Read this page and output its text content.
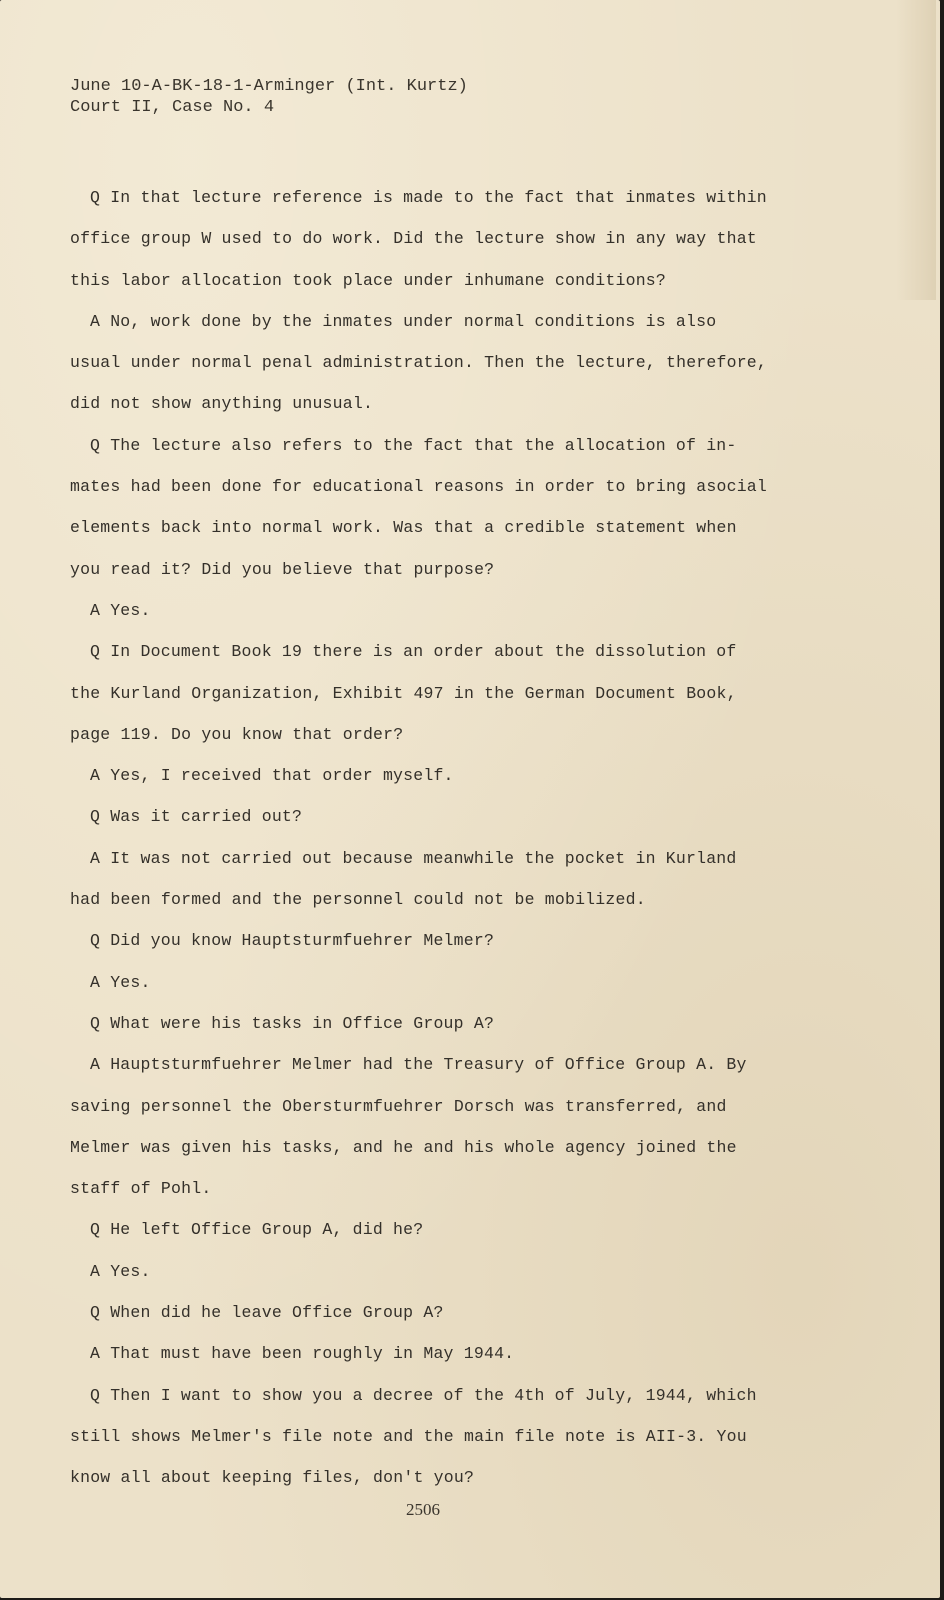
June 10-A-BK-18-1-Arminger (Int. Kurtz)
Court II, Case No. 4
Q In that lecture reference is made to the fact that inmates within
office group W used to do work. Did the lecture show in any way that
this labor allocation took place under inhumane conditions?
A No, work done by the inmates under normal conditions is also
usual under normal penal administration. Then the lecture, therefore,
did not show anything unusual.
Q The lecture also refers to the fact that the allocation of in-
mates had been done for educational reasons in order to bring asocial
elements back into normal work. Was that a credible statement when
you read it? Did you believe that purpose?
A Yes.
Q In Document Book 19 there is an order about the dissolution of
the Kurland Organization, Exhibit 497 in the German Document Book,
page 119. Do you know that order?
A Yes, I received that order myself.
Q Was it carried out?
A It was not carried out because meanwhile the pocket in Kurland
had been formed and the personnel could not be mobilized.
Q Did you know Hauptsturmfuehrer Melmer?
A Yes.
Q What were his tasks in Office Group A?
A Hauptsturmfuehrer Melmer had the Treasury of Office Group A. By
saving personnel the Obersturmfuehrer Dorsch was transferred, and
Melmer was given his tasks, and he and his whole agency joined the
staff of Pohl.
Q He left Office Group A, did he?
A Yes.
Q When did he leave Office Group A?
A That must have been roughly in May 1944.
Q Then I want to show you a decree of the 4th of July, 1944, which
still shows Melmer's file note and the main file note is AII-3. You
know all about keeping files, don't you?
2506
